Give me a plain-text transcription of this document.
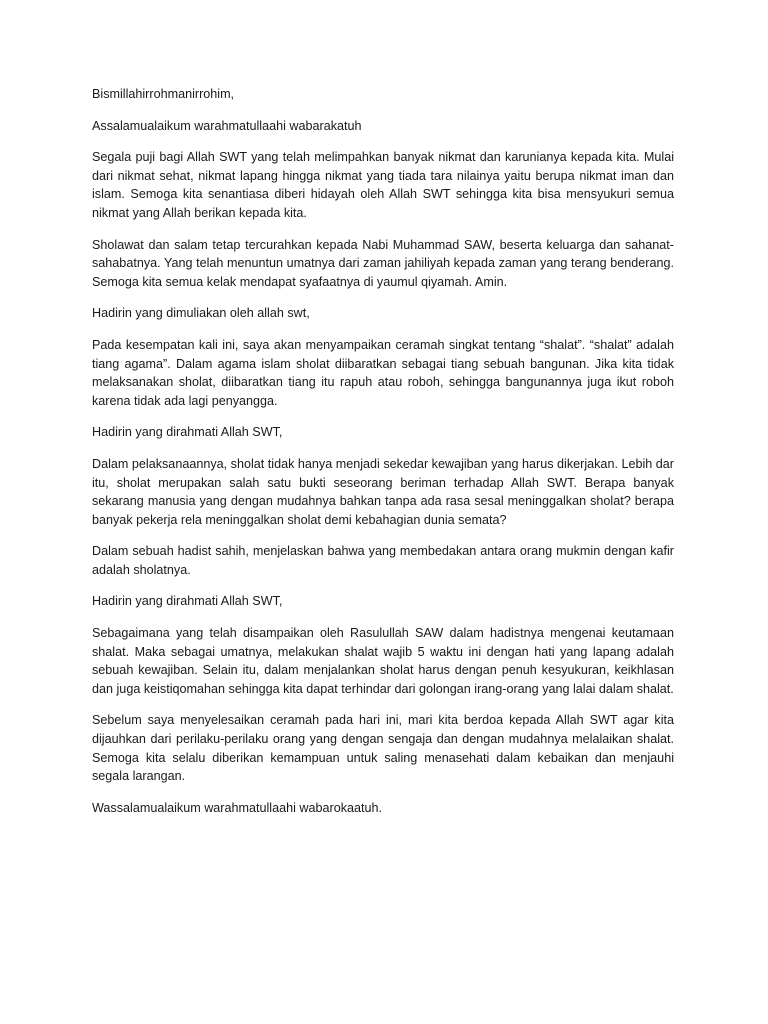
Bismillahirrohmanirrohim,

Assalamualaikum warahmatullaahi wabarakatuh

Segala puji bagi Allah SWT yang telah melimpahkan banyak nikmat dan karunianya kepada kita. Mulai dari nikmat sehat, nikmat lapang hingga nikmat yang tiada tara nilainya yaitu berupa nikmat iman dan islam. Semoga kita senantiasa diberi hidayah oleh Allah SWT sehingga kita bisa mensyukuri semua nikmat yang Allah berikan kepada kita.

Sholawat dan salam tetap tercurahkan kepada Nabi Muhammad SAW, beserta keluarga dan sahanat-sahabatnya. Yang telah menuntun umatnya dari zaman jahiliyah kepada zaman yang terang benderang. Semoga kita semua kelak mendapat syafaatnya di yaumul qiyamah. Amin.

Hadirin yang dimuliakan oleh allah swt,

Pada kesempatan kali ini, saya akan menyampaikan ceramah singkat tentang “shalat”. “shalat” adalah tiang agama”. Dalam agama islam sholat diibaratkan sebagai tiang sebuah bangunan. Jika kita tidak melaksanakan sholat, diibaratkan tiang itu rapuh atau roboh, sehingga bangunannya juga ikut roboh karena tidak ada lagi penyangga.

Hadirin yang dirahmati Allah SWT,

Dalam pelaksanaannya, sholat tidak hanya menjadi sekedar kewajiban yang harus dikerjakan. Lebih dar itu, sholat merupakan salah satu bukti seseorang beriman terhadap Allah SWT. Berapa banyak sekarang manusia yang dengan mudahnya bahkan tanpa ada rasa sesal meninggalkan sholat? berapa banyak pekerja rela meninggalkan sholat demi kebahagian dunia semata?

Dalam sebuah hadist sahih, menjelaskan bahwa yang membedakan antara orang mukmin dengan kafir adalah sholatnya.

Hadirin yang dirahmati Allah SWT,

Sebagaimana yang telah disampaikan oleh Rasulullah SAW dalam hadistnya mengenai keutamaan shalat. Maka sebagai umatnya, melakukan shalat wajib 5 waktu ini dengan hati yang lapang adalah sebuah kewajiban. Selain itu, dalam menjalankan sholat harus dengan penuh kesyukuran, keikhlasan dan juga keistiqomahan sehingga kita dapat terhindar dari golongan irang-orang yang lalai dalam shalat.

Sebelum saya menyelesaikan ceramah pada hari ini, mari kita berdoa kepada Allah SWT agar kita dijauhkan dari perilaku-perilaku orang yang dengan sengaja dan dengan mudahnya melalaikan shalat. Semoga kita selalu diberikan kemampuan untuk saling menasehati dalam kebaikan dan menjauhi segala larangan.

Wassalamualaikum warahmatullaahi wabarokaatuh.
